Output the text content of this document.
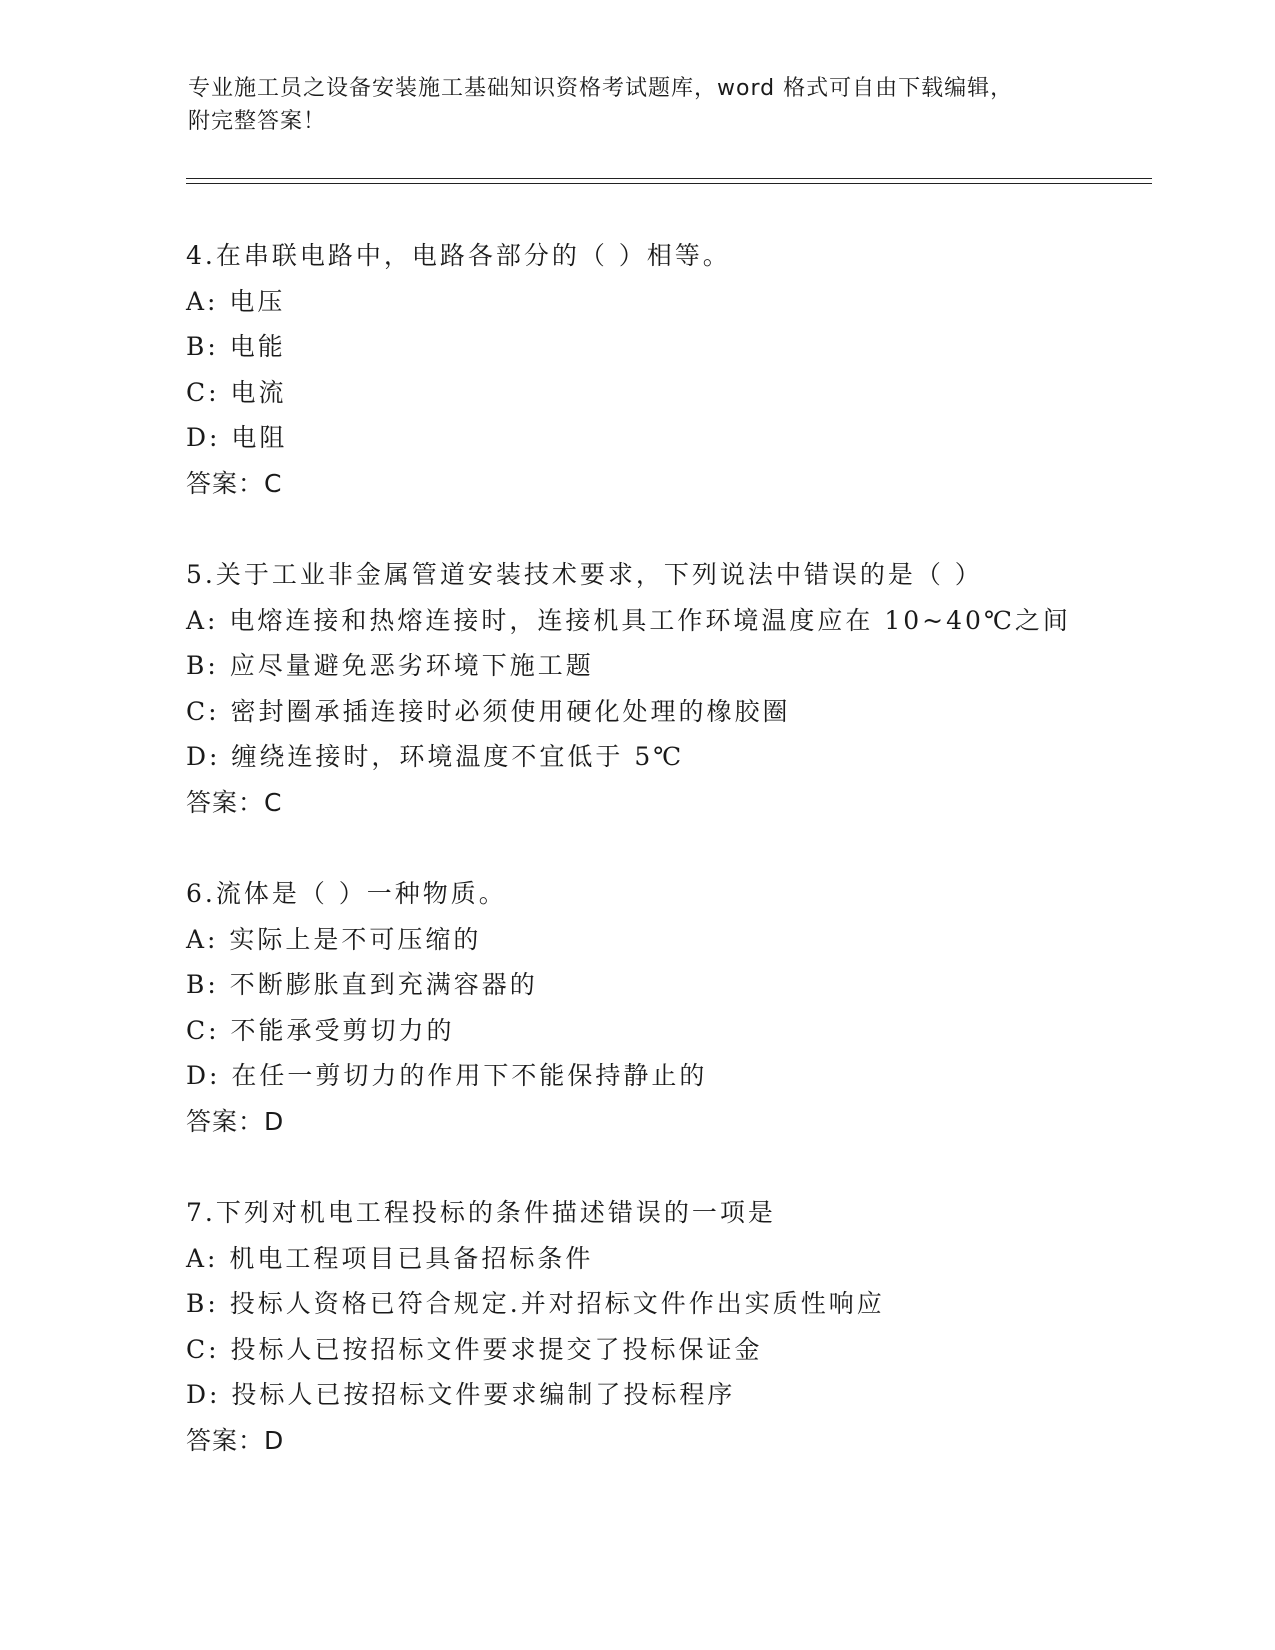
专业施工员之设备安装施工基础知识资格考试题库，word 格式可自由下载编辑，

附完整答案！

4.在串联电路中，电路各部分的（ ）相等。
A: 电压
B: 电能
C: 电流
D: 电阻
答案：C
5.关于工业非金属管道安装技术要求，下列说法中错误的是（ ）
A: 电熔连接和热熔连接时，连接机具工作环境温度应在 10~40℃之间
B: 应尽量避免恶劣环境下施工题
C: 密封圈承插连接时必须使用硬化处理的橡胶圈
D: 缠绕连接时，环境温度不宜低于 5℃
答案：C
6.流体是（ ）一种物质。
A: 实际上是不可压缩的
B: 不断膨胀直到充满容器的
C: 不能承受剪切力的
D: 在任一剪切力的作用下不能保持静止的
答案：D
7.下列对机电工程投标的条件描述错误的一项是
A: 机电工程项目已具备招标条件
B: 投标人资格已符合规定.并对招标文件作出实质性响应
C: 投标人已按招标文件要求提交了投标保证金
D: 投标人已按招标文件要求编制了投标程序
答案：D
